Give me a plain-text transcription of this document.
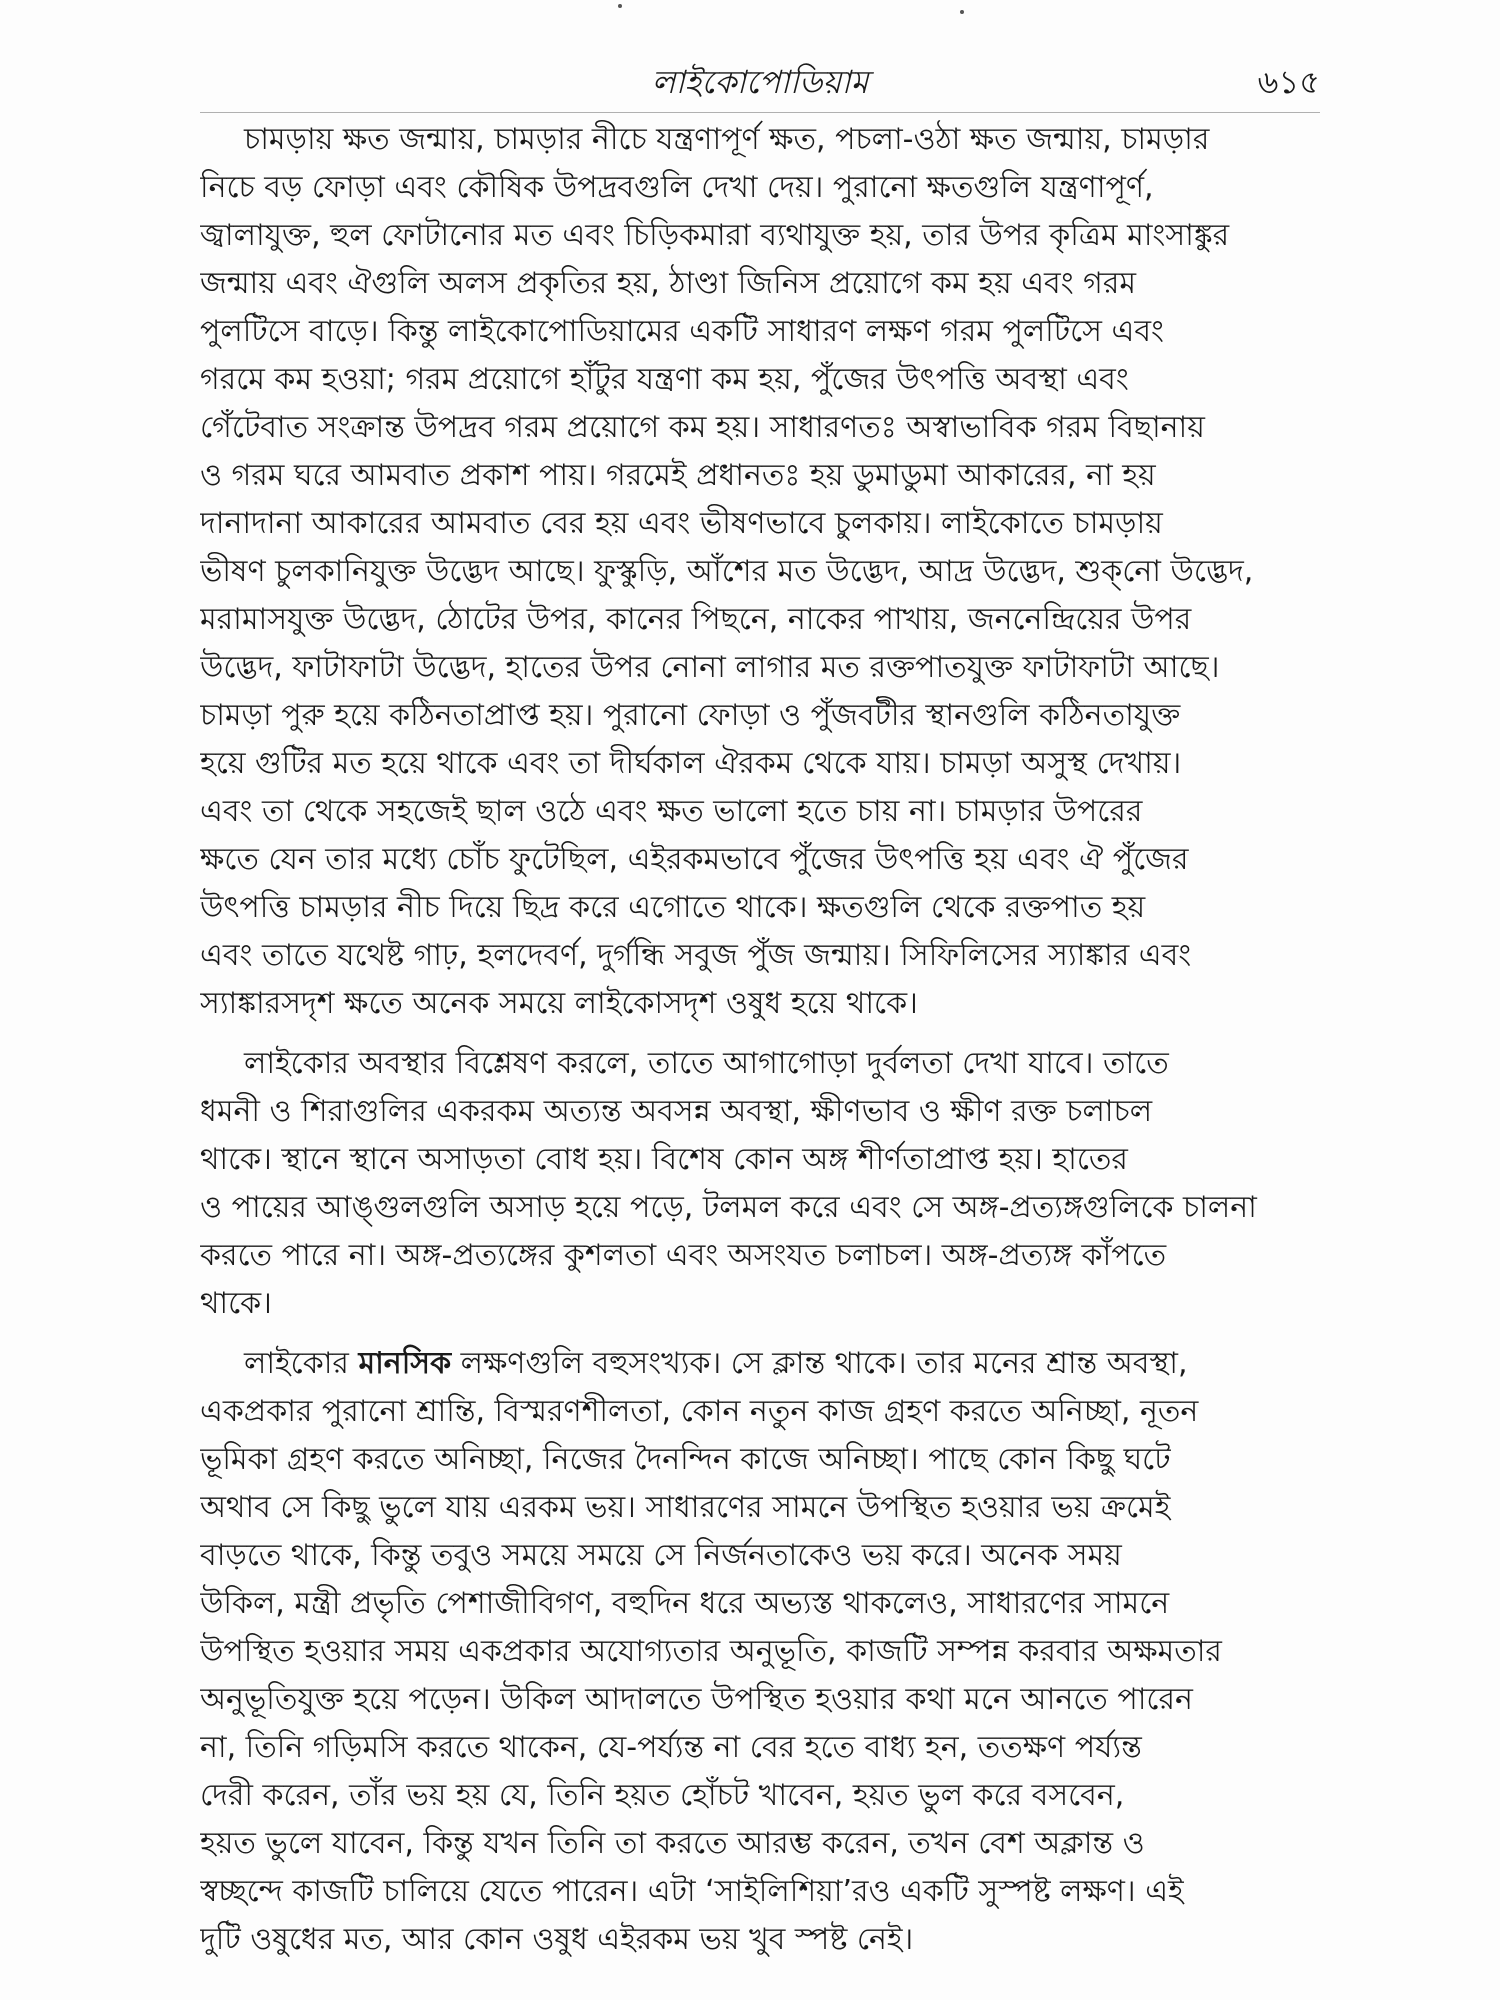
লাইকোপোডিয়াম	৬১৫
চামড়ায় ক্ষত জন্মায়, চামড়ার নীচে যন্ত্রণাপূর্ণ ক্ষত, পচলা-ওঠা ক্ষত জন্মায়, চামড়ার
নিচে বড় ফোড়া এবং কৌষিক উপদ্রবগুলি দেখা দেয়। পুরানো ক্ষতগুলি যন্ত্রণাপূর্ণ,
জ্বালাযুক্ত, হুল ফোটানোর মত এবং চিড়িকমারা ব্যথাযুক্ত হয়, তার উপর কৃত্রিম মাংসাঙ্কুর
জন্মায় এবং ঐগুলি অলস প্রকৃতির হয়, ঠাণ্ডা জিনিস প্রয়োগে কম হয় এবং গরম
পুলটিসে বাড়ে। কিন্তু লাইকোপোডিয়ামের একটি সাধারণ লক্ষণ গরম পুলটিসে এবং
গরমে কম হওয়া; গরম প্রয়োগে হাঁটুর যন্ত্রণা কম হয়, পুঁজের উৎপত্তি অবস্থা এবং
গেঁটেবাত সংক্রান্ত উপদ্রব গরম প্রয়োগে কম হয়। সাধারণতঃ অস্বাভাবিক গরম বিছানায়
ও গরম ঘরে আমবাত প্রকাশ পায়। গরমেই প্রধানতঃ হয় ডুমাডুমা আকারের, না হয়
দানাদানা আকারের আমবাত বের হয় এবং ভীষণভাবে চুলকায়। লাইকোতে চামড়ায়
ভীষণ চুলকানিযুক্ত উদ্ভেদ আছে। ফুস্কুড়ি, আঁশের মত উদ্ভেদ, আদ্র উদ্ভেদ, শুক্‌নো উদ্ভেদ,
মরামাসযুক্ত উদ্ভেদ, ঠোটের উপর, কানের পিছনে, নাকের পাখায়, জননেন্দ্রিয়ের উপর
উদ্ভেদ, ফাটাফাটা উদ্ভেদ, হাতের উপর নোনা লাগার মত রক্তপাতযুক্ত ফাটাফাটা আছে।
চামড়া পুরু হয়ে কঠিনতাপ্রাপ্ত হয়। পুরানো ফোড়া ও পুঁজবটীর স্থানগুলি কঠিনতাযুক্ত
হয়ে গুটির মত হয়ে থাকে এবং তা দীর্ঘকাল ঐরকম থেকে যায়। চামড়া অসুস্থ দেখায়।
এবং তা থেকে সহজেই ছাল ওঠে এবং ক্ষত ভালো হতে চায় না। চামড়ার উপরের
ক্ষতে যেন তার মধ্যে চোঁচ ফুটেছিল, এইরকমভাবে পুঁজের উৎপত্তি হয় এবং ঐ পুঁজের
উৎপত্তি চামড়ার নীচ দিয়ে ছিদ্র করে এগোতে থাকে। ক্ষতগুলি থেকে রক্তপাত হয়
এবং তাতে যথেষ্ট গাঢ়, হলদেবর্ণ, দুর্গন্ধি সবুজ পুঁজ জন্মায়। সিফিলিসের স্যাঙ্কার এবং
স্যাঙ্কারসদৃশ ক্ষতে অনেক সময়ে লাইকোসদৃশ ওষুধ হয়ে থাকে।
লাইকোর অবস্থার বিশ্লেষণ করলে, তাতে আগাগোড়া দুর্বলতা দেখা যাবে। তাতে
ধমনী ও শিরাগুলির একরকম অত্যন্ত অবসন্ন অবস্থা, ক্ষীণভাব ও ক্ষীণ রক্ত চলাচল
থাকে। স্থানে স্থানে অসাড়তা বোধ হয়। বিশেষ কোন অঙ্গ শীর্ণতাপ্রাপ্ত হয়। হাতের
ও পায়ের আঙ্গুলগুলি অসাড় হয়ে পড়ে, টলমল করে এবং সে অঙ্গ-প্রত্যঙ্গগুলিকে চালনা
করতে পারে না। অঙ্গ-প্রত্যঙ্গের কুশলতা এবং অসংযত চলাচল। অঙ্গ-প্রত্যঙ্গ কাঁপতে
থাকে।
লাইকোর মানসিক লক্ষণগুলি বহুসংখ্যক। সে ক্লান্ত থাকে। তার মনের শ্রান্ত অবস্থা,
একপ্রকার পুরানো শ্রান্তি, বিস্মরণশীলতা, কোন নতুন কাজ গ্রহণ করতে অনিচ্ছা, নূতন
ভূমিকা গ্রহণ করতে অনিচ্ছা, নিজের দৈনন্দিন কাজে অনিচ্ছা। পাছে কোন কিছু ঘটে
অথাব সে কিছু ভুলে যায় এরকম ভয়। সাধারণের সামনে উপস্থিত হওয়ার ভয় ক্রমেই
বাড়তে থাকে, কিন্তু তবুও সময়ে সময়ে সে নির্জনতাকেও ভয় করে। অনেক সময়
উকিল, মন্ত্রী প্রভৃতি পেশাজীবিগণ, বহুদিন ধরে অভ্যস্ত থাকলেও, সাধারণের সামনে
উপস্থিত হওয়ার সময় একপ্রকার অযোগ্যতার অনুভূতি, কাজটি সম্পন্ন করবার অক্ষমতার
অনুভূতিযুক্ত হয়ে পড়েন। উকিল আদালতে উপস্থিত হওয়ার কথা মনে আনতে পারেন
না, তিনি গড়িমসি করতে থাকেন, যে-পর্য্যন্ত না বের হতে বাধ্য হন, ততক্ষণ পর্য্যন্ত
দেরী করেন, তাঁর ভয় হয় যে, তিনি হয়ত হোঁচট খাবেন, হয়ত ভুল করে বসবেন,
হয়ত ভুলে যাবেন, কিন্তু যখন তিনি তা করতে আরম্ভ করেন, তখন বেশ অক্লান্ত ও
স্বচ্ছন্দে কাজটি চালিয়ে যেতে পারেন। এটা ‘সাইলিশিয়া’রও একটি সুস্পষ্ট লক্ষণ। এই
দুটি ওষুধের মত, আর কোন ওষুধ এইরকম ভয় খুব স্পষ্ট নেই।
